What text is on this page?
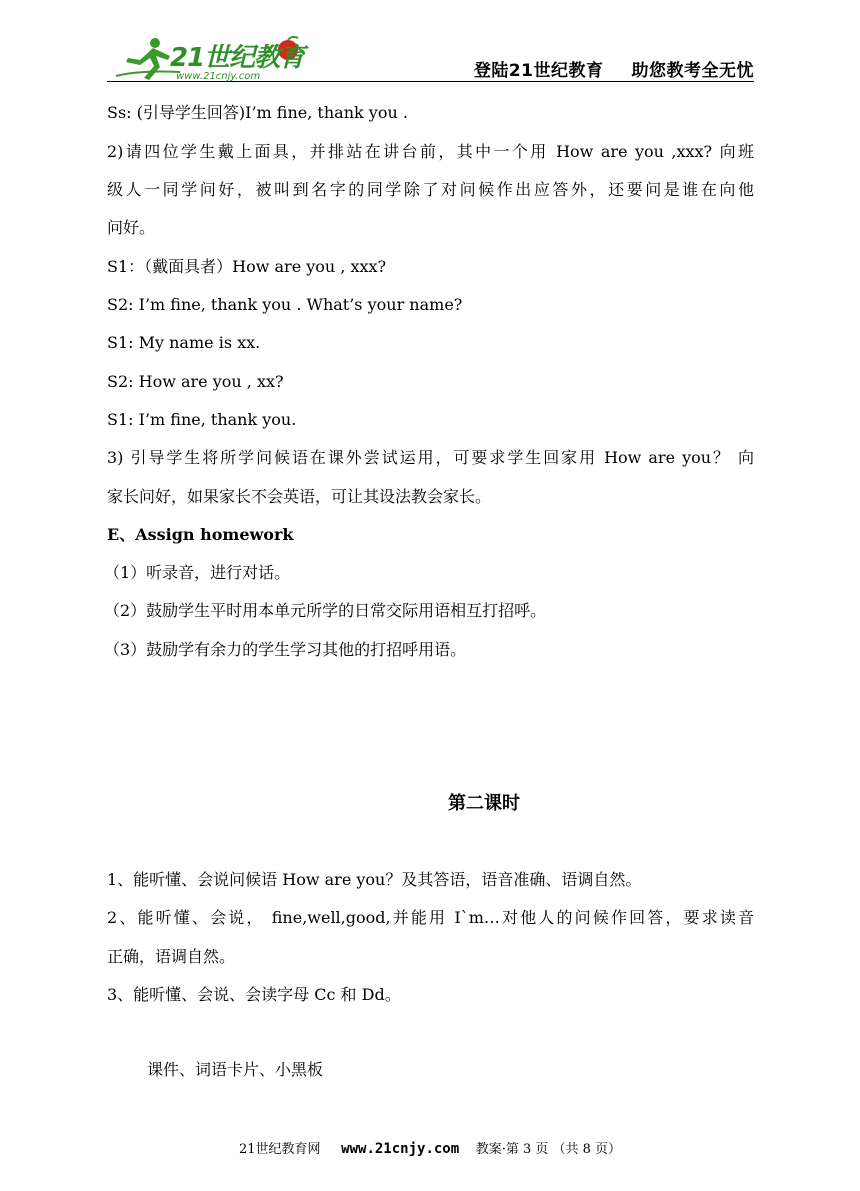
21世纪教育
www.21cnjy.com	登陆21世纪教育 助您教考全无忧
Ss: (引导学生回答)I’m fine, thank you .
2)请四位学生戴上面具，并排站在讲台前，其中一个用 How are you ,xxx? 向班
级人一同学问好，被叫到名字的同学除了对问候作出应答外，还要问是谁在向他
问好。
S1：（戴面具者）How are you , xxx?
S2: I’m fine, thank you . What’s your name?
S1: My name is xx.
S2: How are you , xx?
S1: I’m fine, thank you.
3) 引导学生将所学问候语在课外尝试运用，可要求学生回家用 How are you？ 向
家长问好，如果家长不会英语，可让其设法教会家长。
E、Assign homework
（1）听录音，进行对话。
（2）鼓励学生平时用本单元所学的日常交际用语相互打招呼。
（3）鼓励学有余力的学生学习其他的打招呼用语。
第二课时
1、能听懂、会说问候语 How are you？及其答语，语音准确、语调自然。
2、能听懂、会说， fine,well,good,并能用 I`m…对他人的问候作回答，要求读音
正确，语调自然。
3、能听懂、会说、会读字母 Cc 和 Dd。
课件、词语卡片、小黑板
21世纪教育网 www.21cnjy.com 教案·第 3 页 （共 8 页）
